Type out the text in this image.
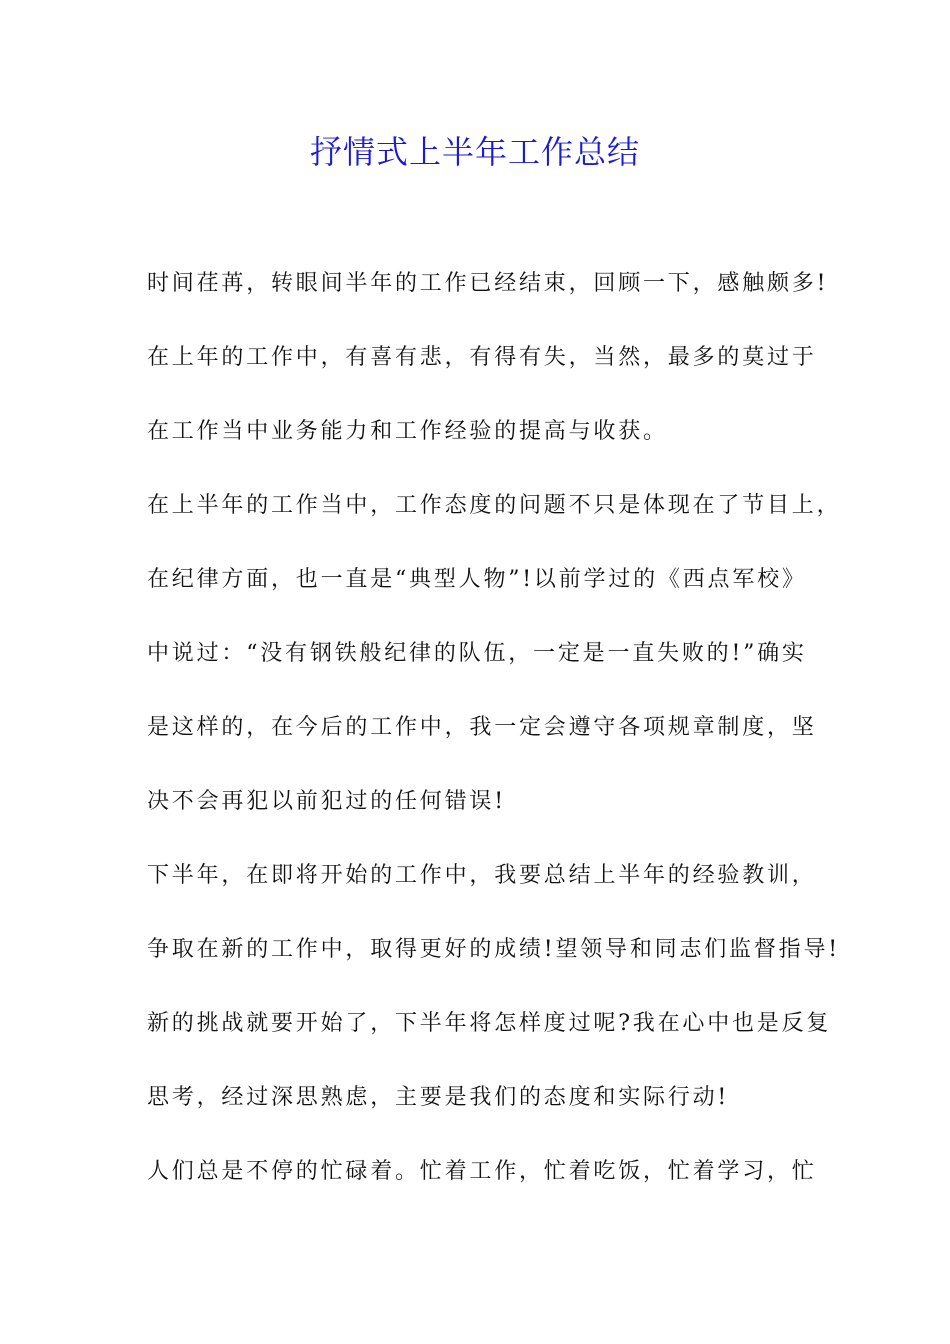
抒情式上半年工作总结
时间荏苒，转眼间半年的工作已经结束，回顾一下，感触颇多!
在上年的工作中，有喜有悲，有得有失，当然，最多的莫过于
在工作当中业务能力和工作经验的提高与收获。
在上半年的工作当中，工作态度的问题不只是体现在了节目上，
在纪律方面，也一直是“典型人物”!以前学过的《西点军校》
中说过：“没有钢铁般纪律的队伍，一定是一直失败的!”确实
是这样的，在今后的工作中，我一定会遵守各项规章制度，坚
决不会再犯以前犯过的任何错误!
下半年，在即将开始的工作中，我要总结上半年的经验教训，
争取在新的工作中，取得更好的成绩!望领导和同志们监督指导!
新的挑战就要开始了，下半年将怎样度过呢?我在心中也是反复
思考，经过深思熟虑，主要是我们的态度和实际行动!
人们总是不停的忙碌着。忙着工作，忙着吃饭，忙着学习，忙
